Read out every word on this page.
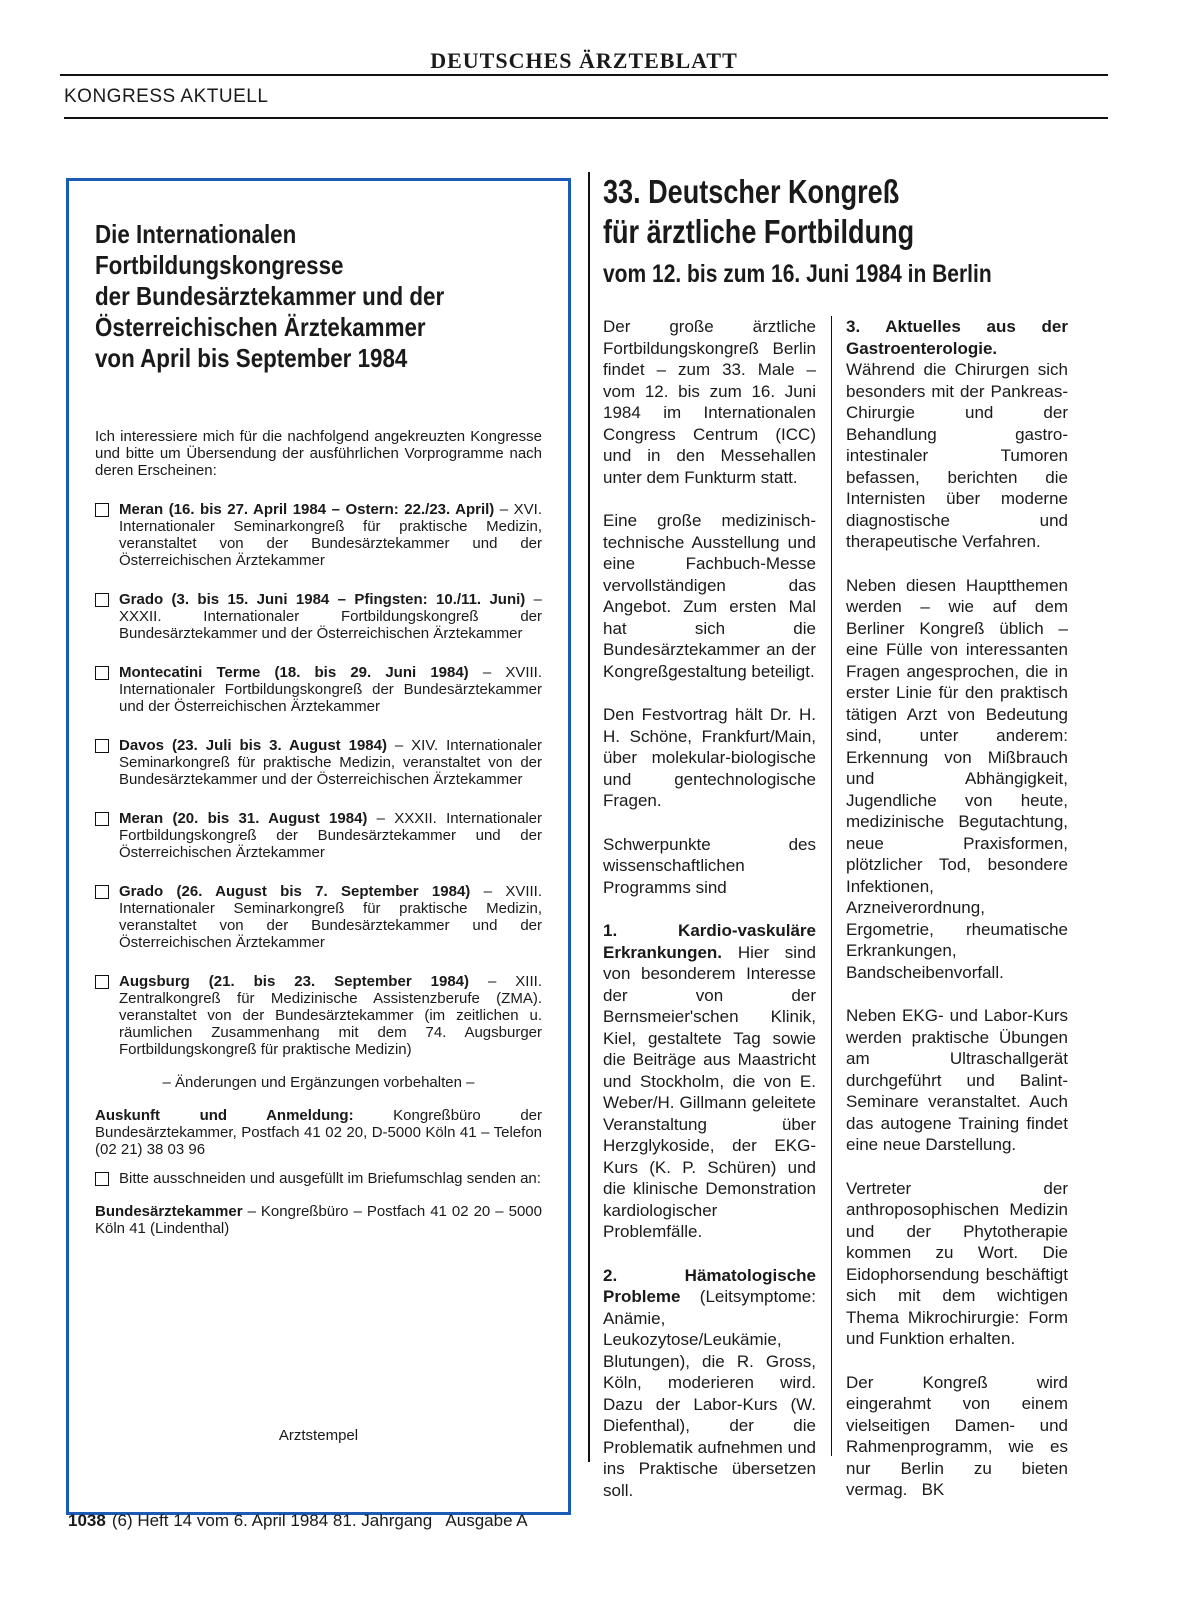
DEUTSCHES ÄRZTEBLATT
KONGRESS AKTUELL
Die Internationalen
Fortbildungskongresse
der Bundesärztekammer und der
Österreichischen Ärztekammer
von April bis September 1984
Ich interessiere mich für die nachfolgend angekreuzten Kongresse und bitte um Übersendung der ausführlichen Vorprogramme nach deren Erscheinen:
Meran (16. bis 27. April 1984 – Ostern: 22./23. April) – XVI. Internationaler Seminarkongreß für praktische Medizin, veranstaltet von der Bundesärztekammer und der Österreichischen Ärztekammer
Grado (3. bis 15. Juni 1984 – Pfingsten: 10./11. Juni) – XXXII. Internationaler Fortbildungskongreß der Bundesärztekammer und der Österreichischen Ärztekammer
Montecatini Terme (18. bis 29. Juni 1984) – XVIII. Internationaler Fortbildungskongreß der Bundesärztekammer und der Österreichischen Ärztekammer
Davos (23. Juli bis 3. August 1984) – XIV. Internationaler Seminarkongreß für praktische Medizin, veranstaltet von der Bundesärztekammer und der Österreichischen Ärztekammer
Meran (20. bis 31. August 1984) – XXXII. Internationaler Fortbildungskongreß der Bundesärztekammer und der Österreichischen Ärztekammer
Grado (26. August bis 7. September 1984) – XVIII. Internationaler Seminarkongreß für praktische Medizin, veranstaltet von der Bundesärztekammer und der Österreichischen Ärztekammer
Augsburg (21. bis 23. September 1984) – XIII. Zentralkongreß für Medizinische Assistenzberufe (ZMA). veranstaltet von der Bundesärztekammer (im zeitlichen u. räumlichen Zusammenhang mit dem 74. Augsburger Fortbildungskongreß für praktische Medizin)
– Änderungen und Ergänzungen vorbehalten –
Auskunft und Anmeldung: Kongreßbüro der Bundesärztekammer, Postfach 41 02 20, D-5000 Köln 41 – Telefon (02 21) 38 03 96
Bitte ausschneiden und ausgefüllt im Briefumschlag senden an:
Bundesärztekammer – Kongreßbüro – Postfach 41 02 20 – 5000 Köln 41 (Lindenthal)
Arztstempel
33. Deutscher Kongreß
für ärztliche Fortbildung
vom 12. bis zum 16. Juni 1984 in Berlin

Der große ärztliche Fortbildungskongreß Berlin findet – zum 33. Male – vom 12. bis zum 16. Juni 1984 im Internationalen Congress Centrum (ICC) und in den Messehallen unter dem Funkturm statt.

Eine große medizinisch-technische Ausstellung und eine Fachbuch-Messe vervollständigen das Angebot. Zum ersten Mal hat sich die Bundesärztekammer an der Kongreßgestaltung beteiligt.

Den Festvortrag hält Dr. H. H. Schöne, Frankfurt/Main, über molekular-biologische und gentechnologische Fragen.

Schwerpunkte des wissenschaftlichen Programms sind

1. Kardio-vaskuläre Erkrankungen. Hier sind von besonderem Interesse der von der Bernsmeier'schen Klinik, Kiel, gestaltete Tag sowie die Beiträge aus Maastricht und Stockholm, die von E. Weber/H. Gillmann geleitete Veranstaltung über Herzglykoside, der EKG-Kurs (K. P. Schüren) und die klinische Demonstration kardiologischer Problemfälle.

2. Hämatologische Probleme (Leitsymptome: Anämie, Leukozytose/Leukämie, Blutungen), die R. Gross, Köln, moderieren wird. Dazu der Labor-Kurs (W. Diefenthal), der die Problematik aufnehmen und ins Praktische übersetzen soll.

3. Aktuelles aus der Gastroenterologie. Während die Chirurgen sich besonders mit der Pankreas-Chirurgie und der Behandlung gastro-intestinaler Tumoren befassen, berichten die Internisten über moderne diagnostische und therapeutische Verfahren.

Neben diesen Hauptthemen werden – wie auf dem Berliner Kongreß üblich – eine Fülle von interessanten Fragen angesprochen, die in erster Linie für den praktisch tätigen Arzt von Bedeutung sind, unter anderem: Erkennung von Mißbrauch und Abhängigkeit, Jugendliche von heute, medizinische Begutachtung, neue Praxisformen, plötzlicher Tod, besondere Infektionen, Arzneiverordnung, Ergometrie, rheumatische Erkrankungen, Bandscheibenvorfall.

Neben EKG- und Labor-Kurs werden praktische Übungen am Ultraschallgerät durchgeführt und Balint- Seminare veranstaltet. Auch das autogene Training findet eine neue Darstellung.

Vertreter der anthroposophischen Medizin und der Phytotherapie kommen zu Wort. Die Eidophorsendung beschäftigt sich mit dem wichtigen Thema Mikrochirurgie: Form und Funktion erhalten.

Der Kongreß wird eingerahmt von einem vielseitigen Damen- und Rahmenprogramm, wie es nur Berlin zu bieten vermag. BK

1038 (6) Heft 14 vom 6. April 1984 81. Jahrgang   Ausgabe A
